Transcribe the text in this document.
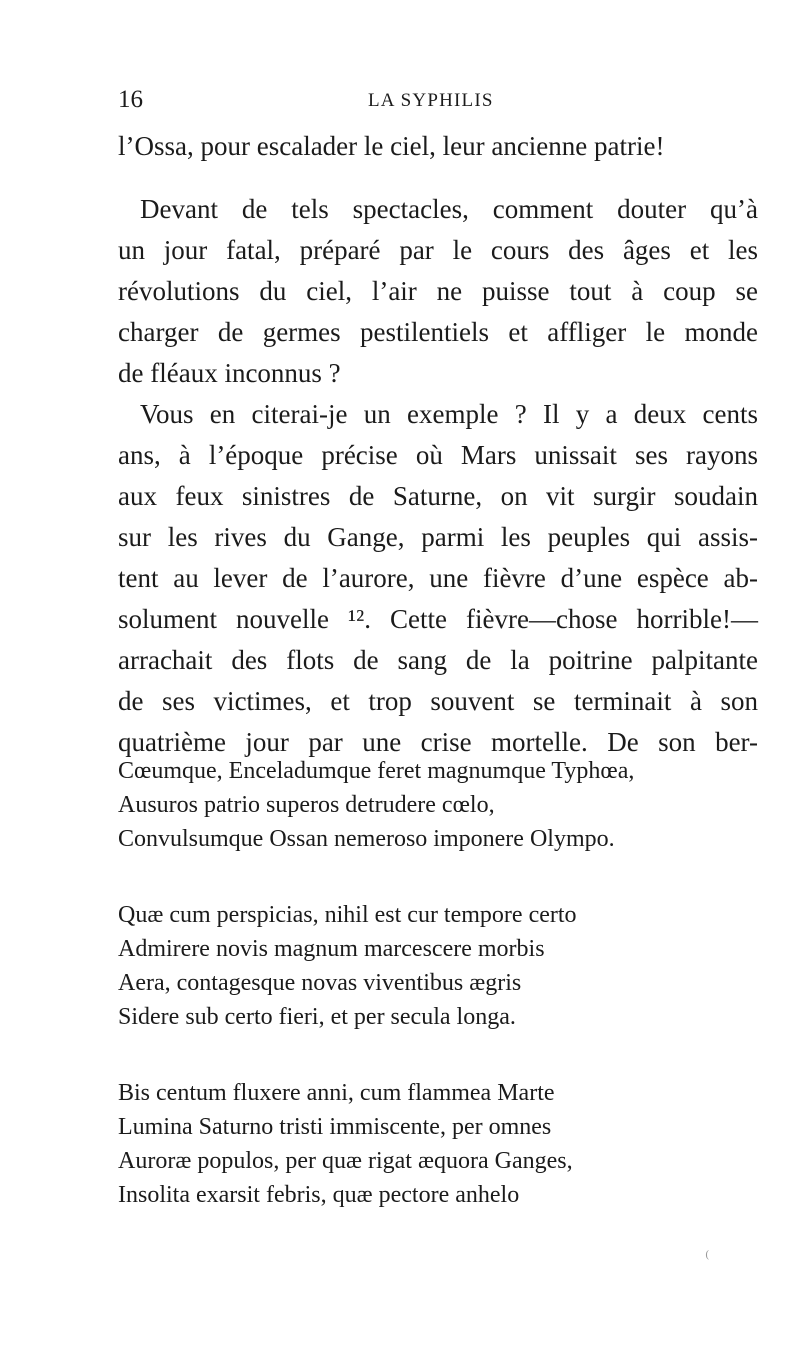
16	LA SYPHILIS
l’Ossa, pour escalader le ciel, leur ancienne patrie!
Devant de tels spectacles, comment douter qu’à
un jour fatal, préparé par le cours des âges et les
révolutions du ciel, l’air ne puisse tout à coup se
charger de germes pestilentiels et affliger le monde
de fléaux inconnus ?
Vous en citerai-je un exemple ? Il y a deux cents
ans, à l’époque précise où Mars unissait ses rayons
aux feux sinistres de Saturne, on vit surgir soudain
sur les rives du Gange, parmi les peuples qui assis-
tent au lever de l’aurore, une fièvre d’une espèce ab-
solument nouvelle ¹². Cette fièvre—chose horrible!—
arrachait des flots de sang de la poitrine palpitante
de ses victimes, et trop souvent se terminait à son
quatrième jour par une crise mortelle. De son ber-
Cœumque, Enceladumque feret magnumque Typhœa,
Ausuros patrio superos detrudere cœlo,
Convulsumque Ossan nemeroso imponere Olympo.
Quæ cum perspicias, nihil est cur tempore certo
Admirere novis magnum marcescere morbis
Aera, contagesque novas viventibus ægris
Sidere sub certo fieri, et per secula longa.
Bis centum fluxere anni, cum flammea Marte
Lumina Saturno tristi immiscente, per omnes
Auroræ populos, per quæ rigat æquora Ganges,
Insolita exarsit febris, quæ pectore anhelo
⁽
